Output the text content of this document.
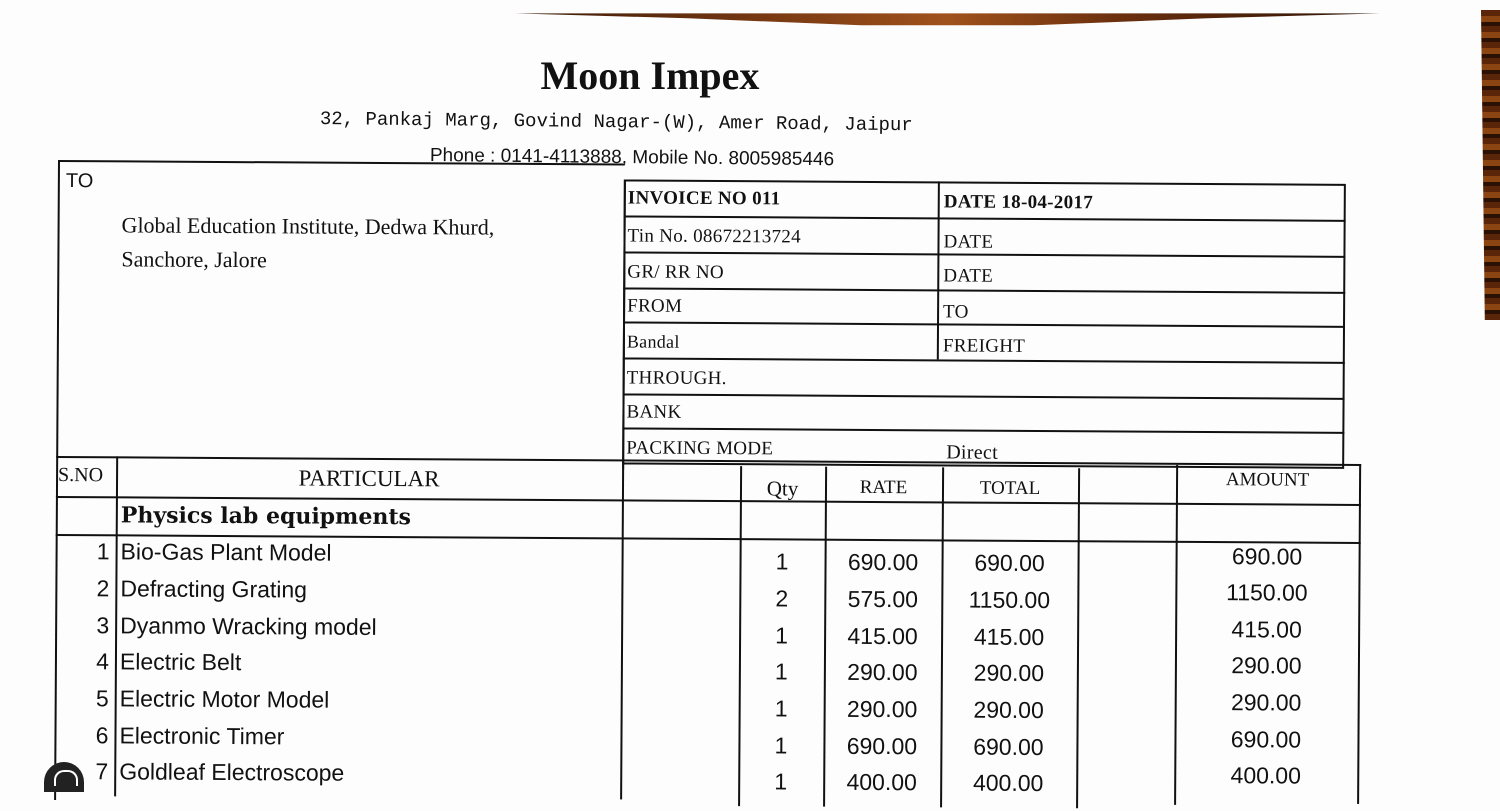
Moon Impex
32, Pankaj Marg, Govind Nagar-(W), Amer Road, Jaipur
Phone : 0141-4113888, Mobile No. 8005985446
TO
Global Education Institute, Dedwa Khurd,
Sanchore, Jalore
INVOICE NO 011	DATE 18-04-2017
Tin No. 08672213724	DATE
GR/ RR NO	DATE
FROM	TO
Bandal	FREIGHT
THROUGH.
BANK
PACKING MODE	Direct
S.NO	PARTICULAR	Qty	RATE	TOTAL	AMOUNT
Physics lab equipments
1 Bio-Gas Plant Model	1	690.00	690.00	690.00
2 Defracting Grating	2	575.00	1150.00	1150.00
3 Dyanmo Wracking model	1	415.00	415.00	415.00
4 Electric Belt	1	290.00	290.00	290.00
5 Electric Motor Model	1	290.00	290.00	290.00
6 Electronic Timer	1	690.00	690.00	690.00
7 Goldleaf Electroscope	1	400.00	400.00	400.00
